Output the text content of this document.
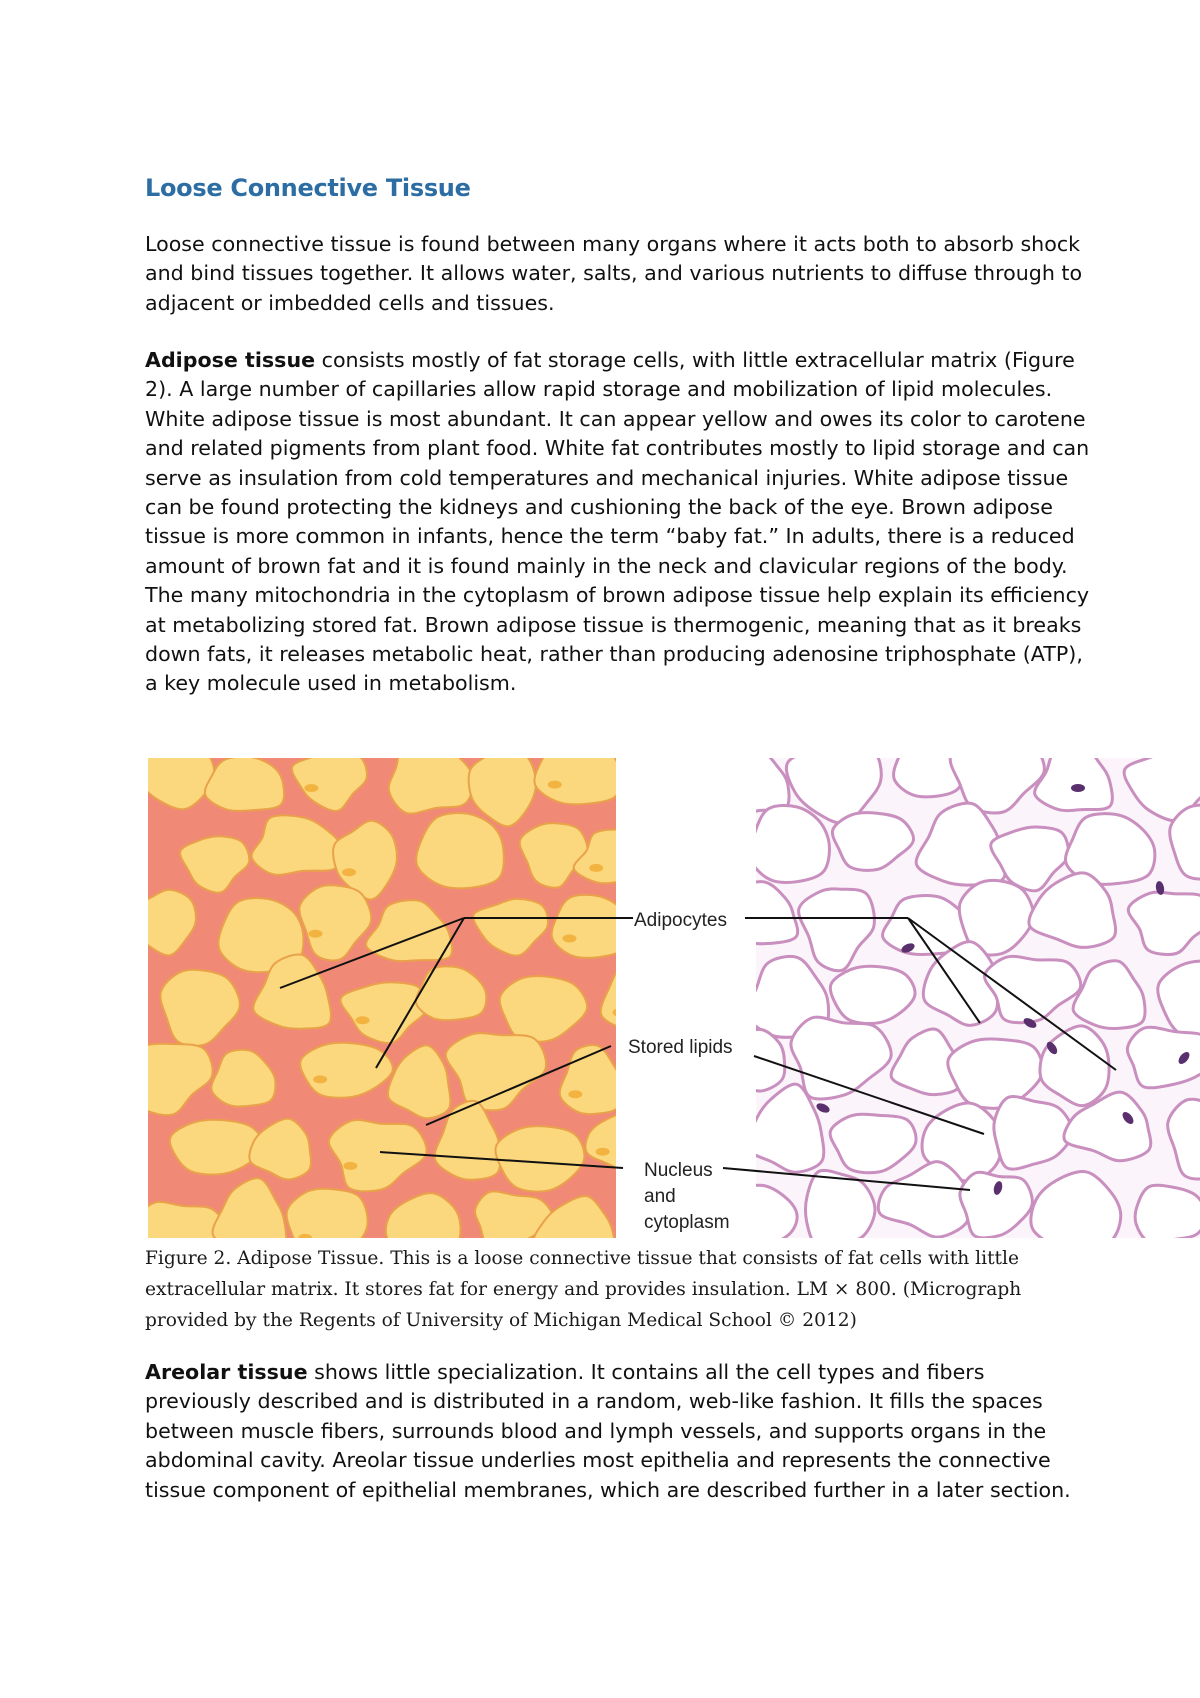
Loose Connective Tissue

Loose connective tissue is found between many organs where it acts both to absorb shock and bind tissues together. It allows water, salts, and various nutrients to diffuse through to adjacent or imbedded cells and tissues.

Adipose tissue consists mostly of fat storage cells, with little extracellular matrix (Figure 2). A large number of capillaries allow rapid storage and mobilization of lipid molecules. White adipose tissue is most abundant. It can appear yellow and owes its color to carotene and related pigments from plant food. White fat contributes mostly to lipid storage and can serve as insulation from cold temperatures and mechanical injuries. White adipose tissue can be found protecting the kidneys and cushioning the back of the eye. Brown adipose tissue is more common in infants, hence the term “baby fat.” In adults, there is a reduced amount of brown fat and it is found mainly in the neck and clavicular regions of the body. The many mitochondria in the cytoplasm of brown adipose tissue help explain its efficiency at metabolizing stored fat. Brown adipose tissue is thermogenic, meaning that as it breaks down fats, it releases metabolic heat, rather than producing adenosine triphosphate (ATP), a key molecule used in metabolism.

Adipocytes
Stored lipids
Nucleus
and
cytoplasm

Figure 2. Adipose Tissue. This is a loose connective tissue that consists of fat cells with little extracellular matrix. It stores fat for energy and provides insulation. LM × 800. (Micrograph provided by the Regents of University of Michigan Medical School © 2012)

Areolar tissue shows little specialization. It contains all the cell types and fibers previously described and is distributed in a random, web-like fashion. It fills the spaces between muscle fibers, surrounds blood and lymph vessels, and supports organs in the abdominal cavity. Areolar tissue underlies most epithelia and represents the connective tissue component of epithelial membranes, which are described further in a later section.
